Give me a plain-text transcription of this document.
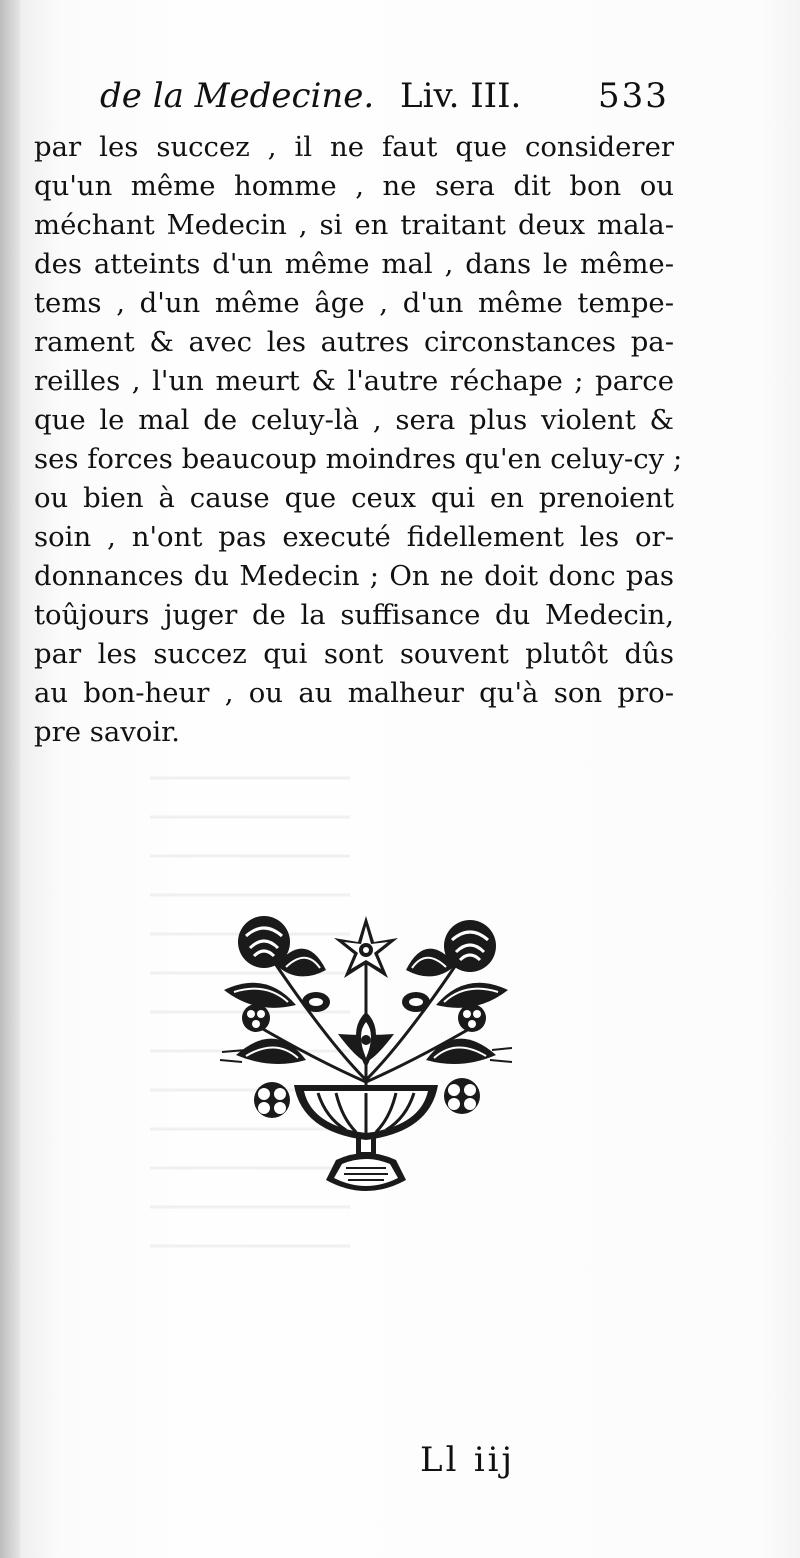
de la Medecine. Liv. III. 533
par les succez , il ne faut que considerer
qu'un même homme , ne sera dit bon ou
méchant Medecin , si en traitant deux mala-
des atteints d'un même mal , dans le même-
tems , d'un même âge , d'un même tempe-
rament & avec les autres circonstances pa-
reilles , l'un meurt & l'autre réchape ; parce
que le mal de celuy-là , sera plus violent &
ses forces beaucoup moindres qu'en celuy-cy ;
ou bien à cause que ceux qui en prenoient
soin , n'ont pas executé fidellement les or-
donnances du Medecin ; On ne doit donc pas
toûjours juger de la suffisance du Medecin,
par les succez qui sont souvent plutôt dûs
au bon-heur , ou au malheur qu'à son pro-
pre savoir.
Ll iij
